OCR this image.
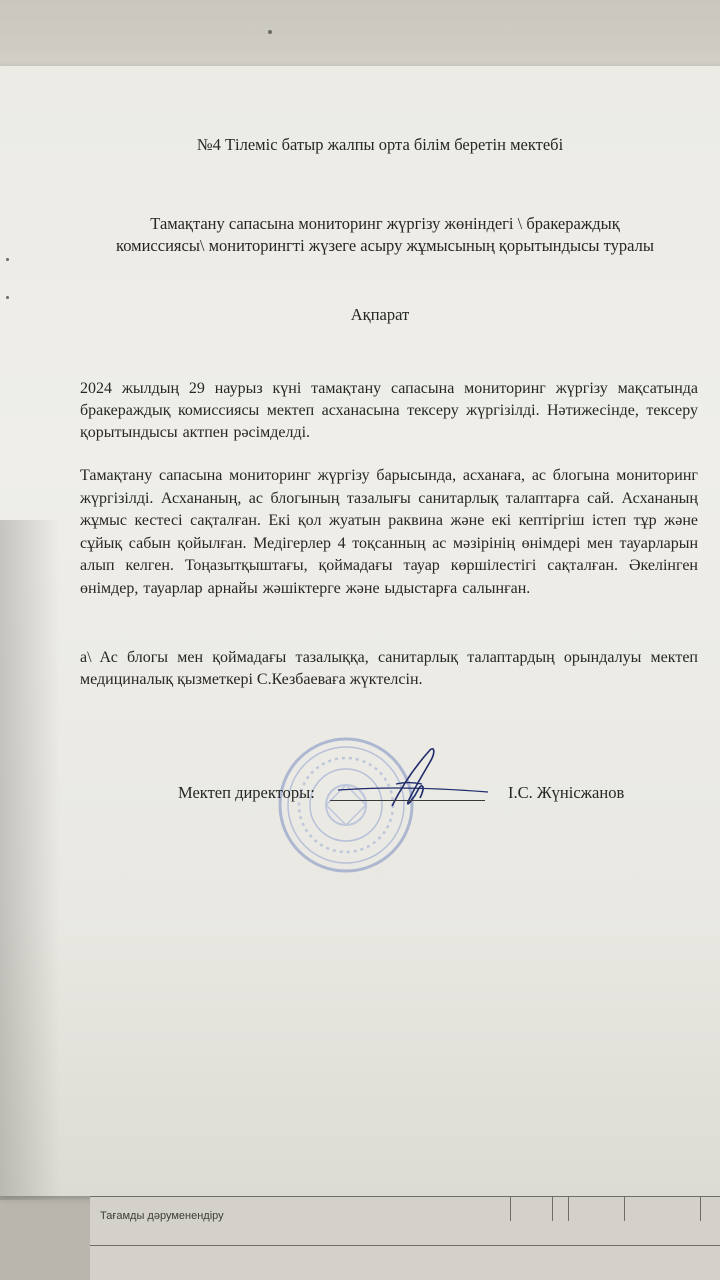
№4 Тілеміс батыр жалпы орта білім беретін мектебі
Тамақтану сапасына мониторинг жүргізу жөніндегі \ бракераждық
комиссиясы\ мониторингті жүзеге асыру жұмысының қорытындысы туралы
Ақпарат
2024 жылдың 29 наурыз күні тамақтану сапасына мониторинг жүргізу мақсатында бракераждық комиссиясы мектеп асханасына тексеру жүргізілді. Нәтижесінде, тексеру қорытындысы актпен рәсімделді.
Тамақтану сапасына мониторинг жүргізу барысында, асханаға, ас блогына мониторинг жүргізілді. Асхананың, ас блогының тазалығы санитарлық талаптарға сай. Асхананың жұмыс кестесі сақталған. Екі қол жуатын раквина және екі кептіргіш істеп тұр және сұйық сабын қойылған. Медігерлер 4 тоқсанның ас мәзірінің өнімдері мен тауарларын алып келген. Тоңазытқыштағы, қоймадағы тауар көршілестігі сақталған. Әкелінген өнімдер, тауарлар арнайы жәшіктерге және ыдыстарға салынған.
a\ Ас блогы мен қоймадағы тазалыққа, санитарлық талаптардың орындалуы мектеп медициналық қызметкері С.Кезбаеваға жүктелсін.
Мектеп директоры:	І.С. Жүнісжанов
Тағамды дәруменендіру
